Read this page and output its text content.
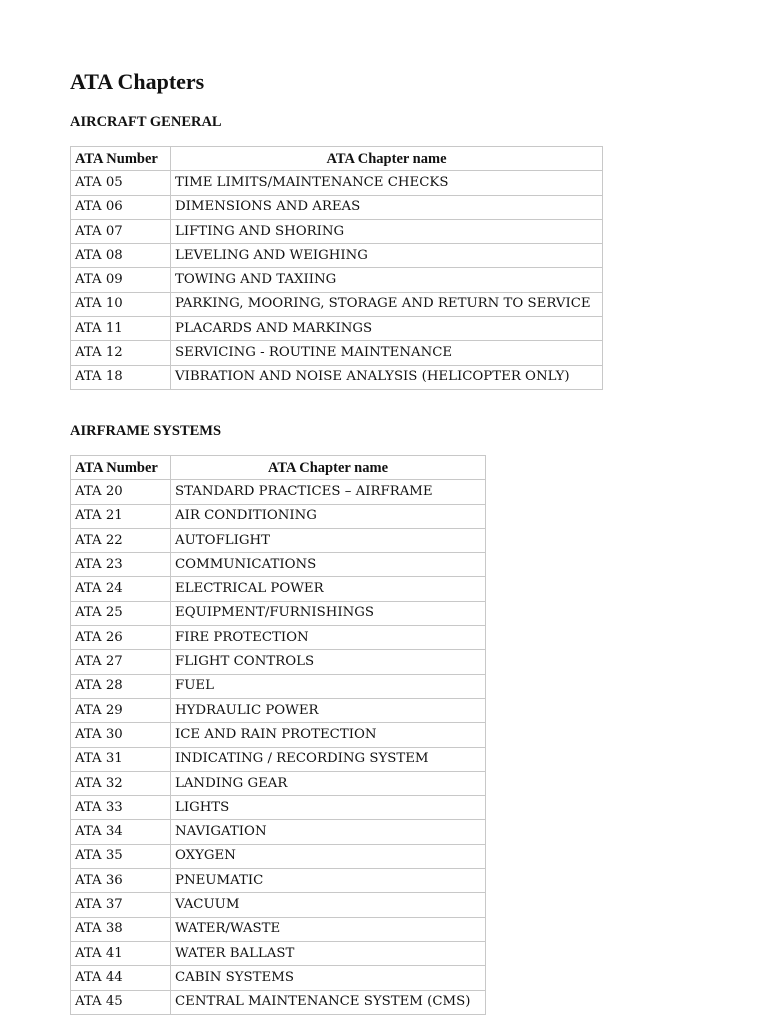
ATA Chapters
AIRCRAFT GENERAL
ATA Number	ATA Chapter name
ATA 05	TIME LIMITS/MAINTENANCE CHECKS
ATA 06	DIMENSIONS AND AREAS
ATA 07	LIFTING AND SHORING
ATA 08	LEVELING AND WEIGHING
ATA 09	TOWING AND TAXIING
ATA 10	PARKING, MOORING, STORAGE AND RETURN TO SERVICE
ATA 11	PLACARDS AND MARKINGS
ATA 12	SERVICING - ROUTINE MAINTENANCE
ATA 18	VIBRATION AND NOISE ANALYSIS (HELICOPTER ONLY)
AIRFRAME SYSTEMS
ATA Number	ATA Chapter name
ATA 20	STANDARD PRACTICES – AIRFRAME
ATA 21	AIR CONDITIONING
ATA 22	AUTOFLIGHT
ATA 23	COMMUNICATIONS
ATA 24	ELECTRICAL POWER
ATA 25	EQUIPMENT/FURNISHINGS
ATA 26	FIRE PROTECTION
ATA 27	FLIGHT CONTROLS
ATA 28	FUEL
ATA 29	HYDRAULIC POWER
ATA 30	ICE AND RAIN PROTECTION
ATA 31	INDICATING / RECORDING SYSTEM
ATA 32	LANDING GEAR
ATA 33	LIGHTS
ATA 34	NAVIGATION
ATA 35	OXYGEN
ATA 36	PNEUMATIC
ATA 37	VACUUM
ATA 38	WATER/WASTE
ATA 41	WATER BALLAST
ATA 44	CABIN SYSTEMS
ATA 45	CENTRAL MAINTENANCE SYSTEM (CMS)
